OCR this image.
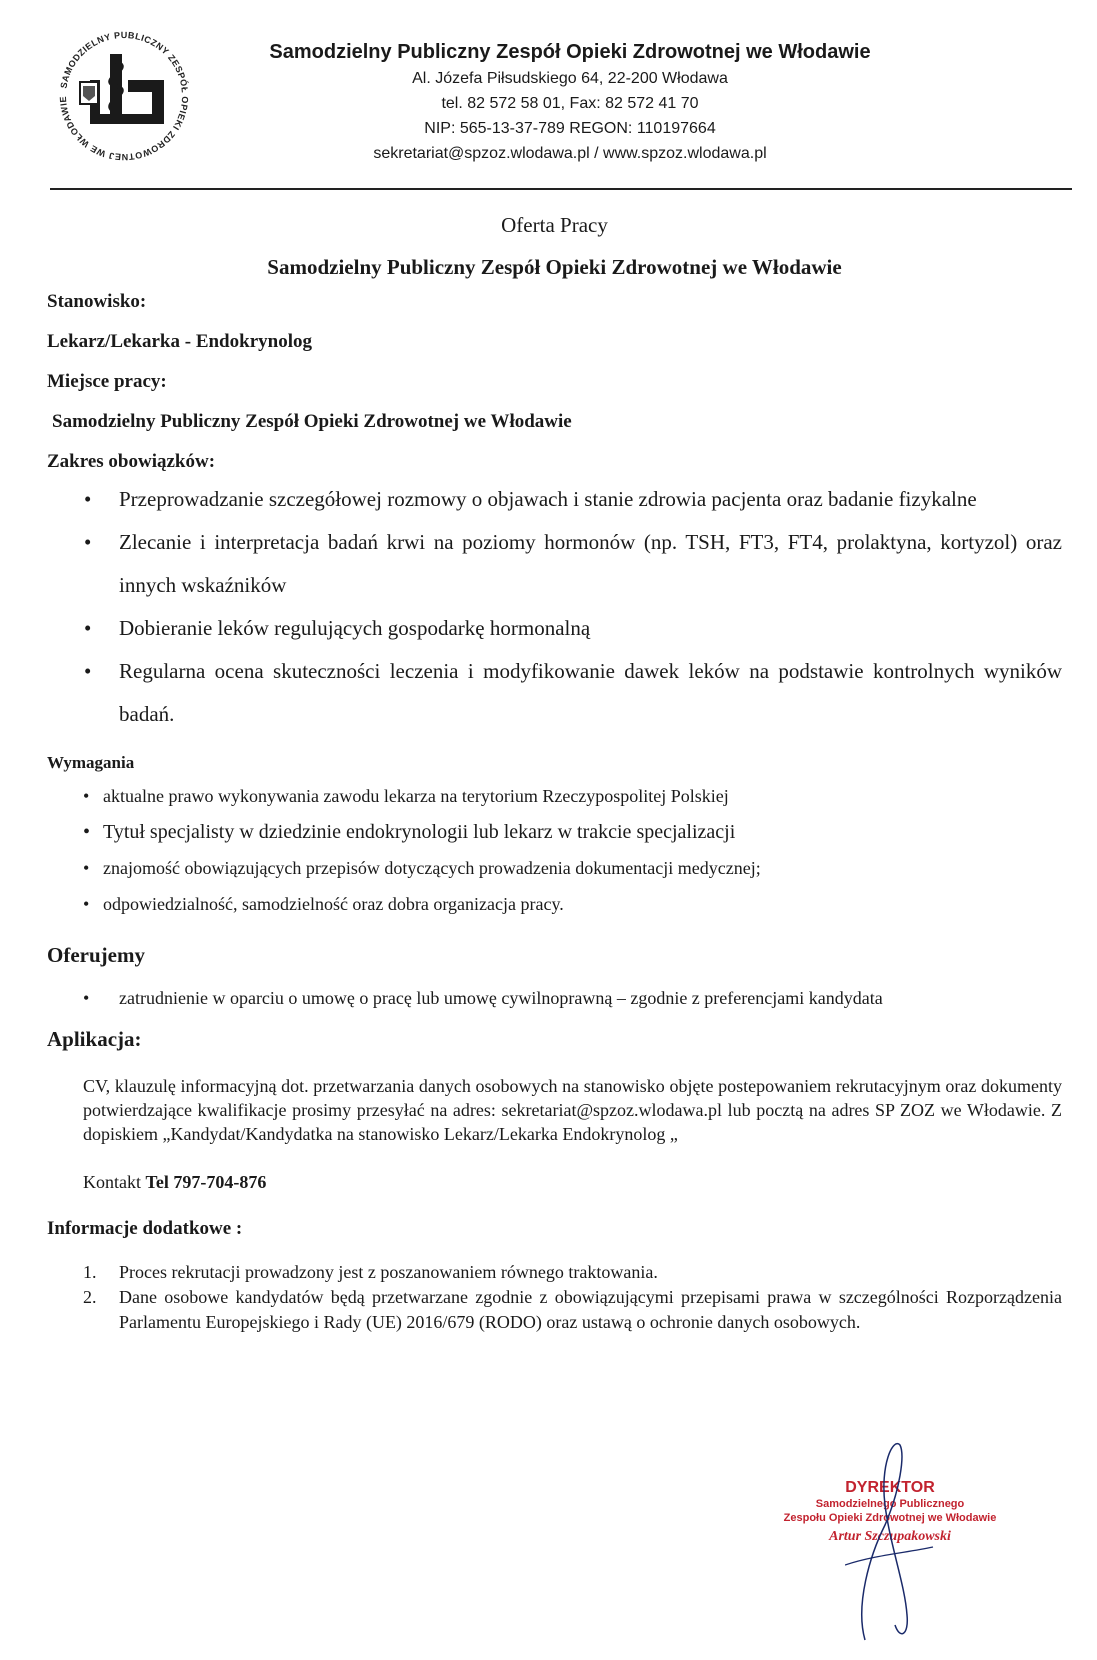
SAMODZIELNY PUBLICZNY ZESPÓŁ OPIEKI ZDROWOTNEJ WE WŁODAWIE
Samodzielny Publiczny Zespół Opieki Zdrowotnej we Włodawie
Al. Józefa Piłsudskiego 64, 22-200 Włodawa
tel. 82 572 58 01, Fax: 82 572 41 70
NIP: 565-13-37-789 REGON: 110197664
sekretariat@spzoz.wlodawa.pl / www.spzoz.wlodawa.pl

Oferta Pracy

Samodzielny Publiczny Zespół Opieki Zdrowotnej we Włodawie

Stanowisko:

Lekarz/Lekarka - Endokrynolog

Miejsce pracy:

Samodzielny Publiczny Zespół Opieki Zdrowotnej we Włodawie

Zakres obowiązków:

• Przeprowadzanie szczegółowej rozmowy o objawach i stanie zdrowia pacjenta oraz badanie fizykalne
• Zlecanie i interpretacja badań krwi na poziomy hormonów (np. TSH, FT3, FT4, prolaktyna, kortyzol) oraz innych wskaźników
• Dobieranie leków regulujących gospodarkę hormonalną
• Regularna ocena skuteczności leczenia i modyfikowanie dawek leków na podstawie kontrolnych wyników badań.

Wymagania

• aktualne prawo wykonywania zawodu lekarza na terytorium Rzeczypospolitej Polskiej
• Tytuł specjalisty w dziedzinie endokrynologii lub lekarz w trakcie specjalizacji
• znajomość obowiązujących przepisów dotyczących prowadzenia dokumentacji medycznej;
• odpowiedzialność, samodzielność oraz dobra organizacja pracy.

Oferujemy

• zatrudnienie w oparciu o umowę o pracę lub umowę cywilnoprawną – zgodnie z preferencjami kandydata

Aplikacja:

CV, klauzulę informacyjną dot. przetwarzania danych osobowych na stanowisko objęte postepowaniem rekrutacyjnym oraz dokumenty potwierdzające kwalifikacje prosimy przesyłać na adres: sekretariat@spzoz.wlodawa.pl lub pocztą na adres SP ZOZ we Włodawie. Z dopiskiem „Kandydat/Kandydatka na stanowisko Lekarz/Lekarka Endokrynolog „

Kontakt Tel 797-704-876

Informacje dodatkowe :

1. Proces rekrutacji prowadzony jest z poszanowaniem równego traktowania.
2. Dane osobowe kandydatów będą przetwarzane zgodnie z obowiązującymi przepisami prawa w szczególności Rozporządzenia Parlamentu Europejskiego i Rady (UE) 2016/679 (RODO) oraz ustawą o ochronie danych osobowych.
DYREKTOR
Samodzielnego Publicznego
Zespołu Opieki Zdrowotnej we Włodawie
Artur Szczupakowski
